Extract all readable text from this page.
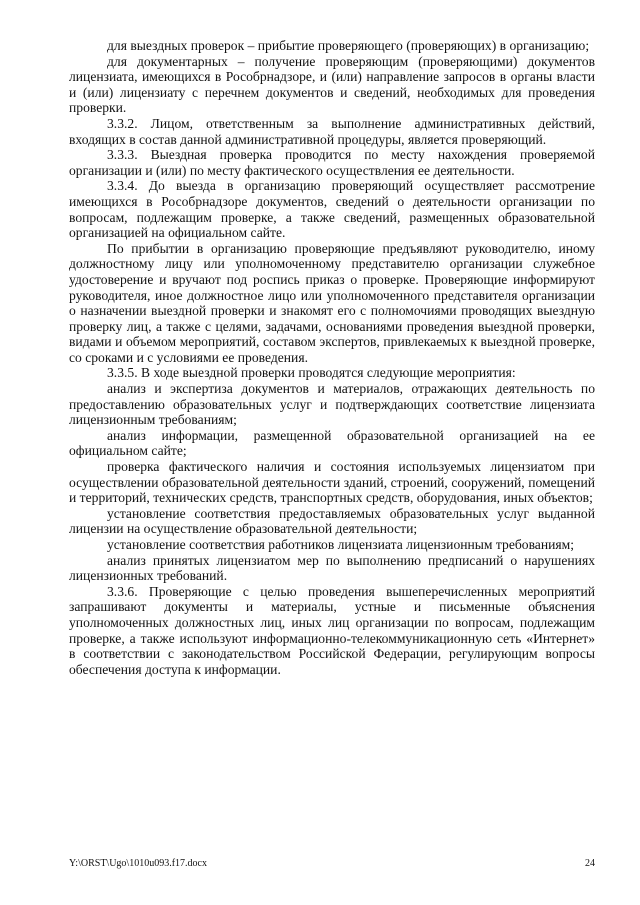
для выездных проверок – прибытие проверяющего (проверяющих) в организацию;

для документарных – получение проверяющим (проверяющими) документов лицензиата, имеющихся в Рособрнадзоре, и (или) направление запросов в органы власти и (или) лицензиату с перечнем документов и сведений, необходимых для проведения проверки.

3.3.2. Лицом, ответственным за выполнение административных действий, входящих в состав данной административной процедуры, является проверяющий.

3.3.3. Выездная проверка проводится по месту нахождения проверяемой организации и (или) по месту фактического осуществления ее деятельности.

3.3.4. До выезда в организацию проверяющий осуществляет рассмотрение имеющихся в Рособрнадзоре документов, сведений о деятельности организации по вопросам, подлежащим проверке, а также сведений, размещенных образовательной организацией на официальном сайте.

По прибытии в организацию проверяющие предъявляют руководителю, иному должностному лицу или уполномоченному представителю организации служебное удостоверение и вручают под роспись приказ о проверке. Проверяющие информируют руководителя, иное должностное лицо или уполномоченного представителя организации о назначении выездной проверки и знакомят его с полномочиями проводящих выездную проверку лиц, а также с целями, задачами, основаниями проведения выездной проверки, видами и объемом мероприятий, составом экспертов, привлекаемых к выездной проверке, со сроками и с условиями ее проведения.

3.3.5. В ходе выездной проверки проводятся следующие мероприятия:

анализ и экспертиза документов и материалов, отражающих деятельность по предоставлению образовательных услуг и подтверждающих соответствие лицензиата лицензионным требованиям;

анализ информации, размещенной образовательной организацией на ее официальном сайте;

проверка фактического наличия и состояния используемых лицензиатом при осуществлении образовательной деятельности зданий, строений, сооружений, помещений и территорий, технических средств, транспортных средств, оборудования, иных объектов;

установление соответствия предоставляемых образовательных услуг выданной лицензии на осуществление образовательной деятельности;

установление соответствия работников лицензиата лицензионным требованиям;

анализ принятых лицензиатом мер по выполнению предписаний о нарушениях лицензионных требований.

3.3.6. Проверяющие с целью проведения вышеперечисленных мероприятий запрашивают документы и материалы, устные и письменные объяснения уполномоченных должностных лиц, иных лиц организации по вопросам, подлежащим проверке, а также используют информационно-телекоммуникационную сеть «Интернет» в соответствии с законодательством Российской Федерации, регулирующим вопросы обеспечения доступа к информации.

Y:\ORST\Ugo\1010u093.f17.docx	24
